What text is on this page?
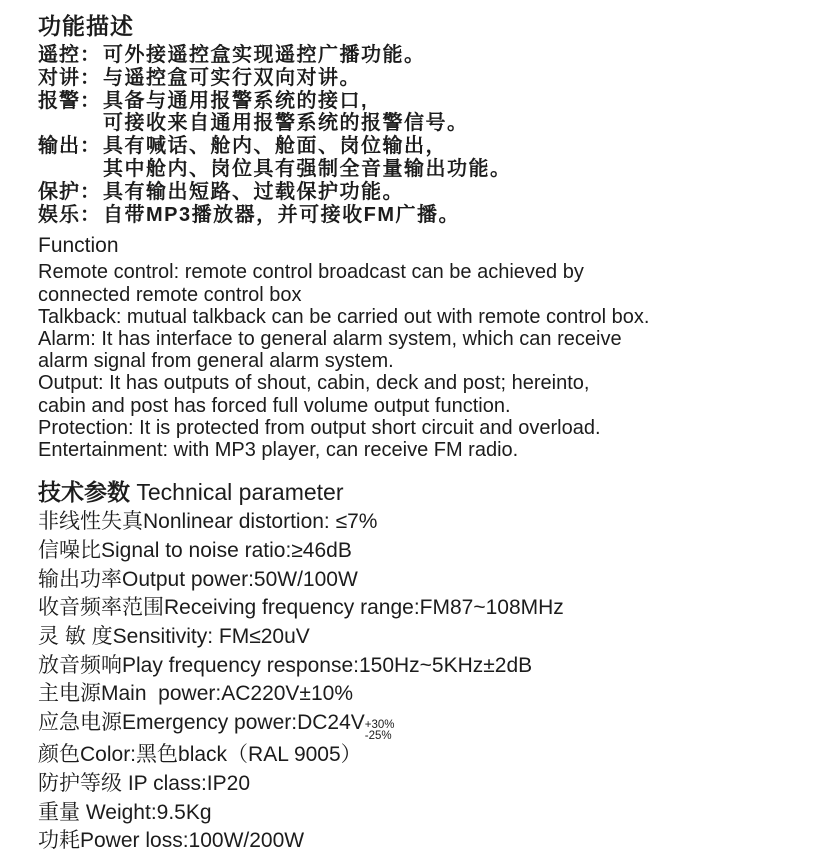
功能描述
遥控： 可外接遥控盒实现遥控广播功能。
对讲： 与遥控盒可实行双向对讲。
报警： 具备与通用报警系统的接口,
可接收来自通用报警系统的报警信号。
输出： 具有喊话、舱内、舱面、岗位输出，
其中舱内、岗位具有强制全音量输出功能。
保护： 具有输出短路、过载保护功能。
娱乐： 自带MP3播放器，并可接收FM广播。
Function
Remote control: remote control broadcast can be achieved by
connected remote control box
Talkback: mutual talkback can be carried out with remote control box.
Alarm: It has interface to general alarm system, which can receive
alarm signal from general alarm system.
Output: It has outputs of shout, cabin, deck and post; hereinto,
cabin and post has forced full volume output function.
Protection: It is protected from output short circuit and overload.
Entertainment: with MP3 player, can receive FM radio.
技术参数 Technical parameter
非线性失真Nonlinear distortion: ≤7%
信噪比Signal to noise ratio:≥46dB
输出功率Output power:50W/100W
收音频率范围Receiving frequency range:FM87~108MHz
灵 敏 度Sensitivity: FM≤20uV
放音频响Play frequency response:150Hz~5KHz±2dB
主电源Main  power:AC220V±10%
应急电源Emergency power:DC24V +30%
-25%
颜色Color:黑色black（RAL 9005）
防护等级 IP class:IP20
重量 Weight:9.5Kg
功耗Power loss:100W/200W
